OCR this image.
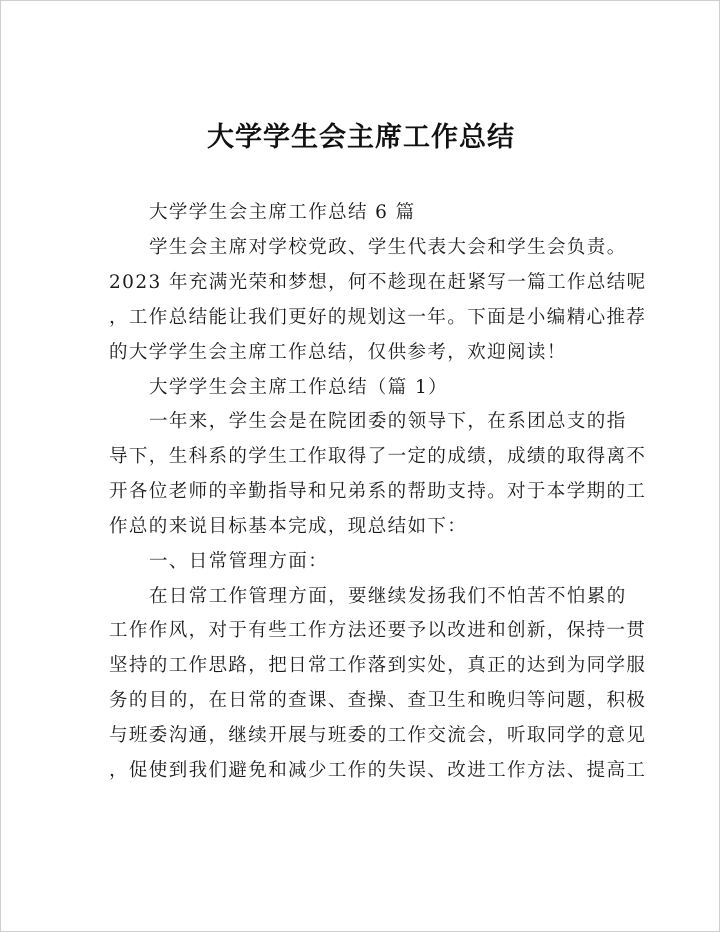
大学学生会主席工作总结
大学学生会主席工作总结 6 篇
学生会主席对学校党政、学生代表大会和学生会负责。
2023 年充满光荣和梦想，何不趁现在赶紧写一篇工作总结呢
，工作总结能让我们更好的规划这一年。下面是小编精心推荐
的大学学生会主席工作总结，仅供参考，欢迎阅读！
大学学生会主席工作总结（篇 1）
一年来，学生会是在院团委的领导下，在系团总支的指
导下，生科系的学生工作取得了一定的成绩，成绩的取得离不
开各位老师的辛勤指导和兄弟系的帮助支持。对于本学期的工
作总的来说目标基本完成，现总结如下：
一、日常管理方面：
在日常工作管理方面，要继续发扬我们不怕苦不怕累的
工作作风，对于有些工作方法还要予以改进和创新，保持一贯
坚持的工作思路，把日常工作落到实处，真正的达到为同学服
务的目的，在日常的查课、查操、查卫生和晚归等问题，积极
与班委沟通，继续开展与班委的工作交流会，听取同学的意见
，促使到我们避免和减少工作的失误、改进工作方法、提高工
